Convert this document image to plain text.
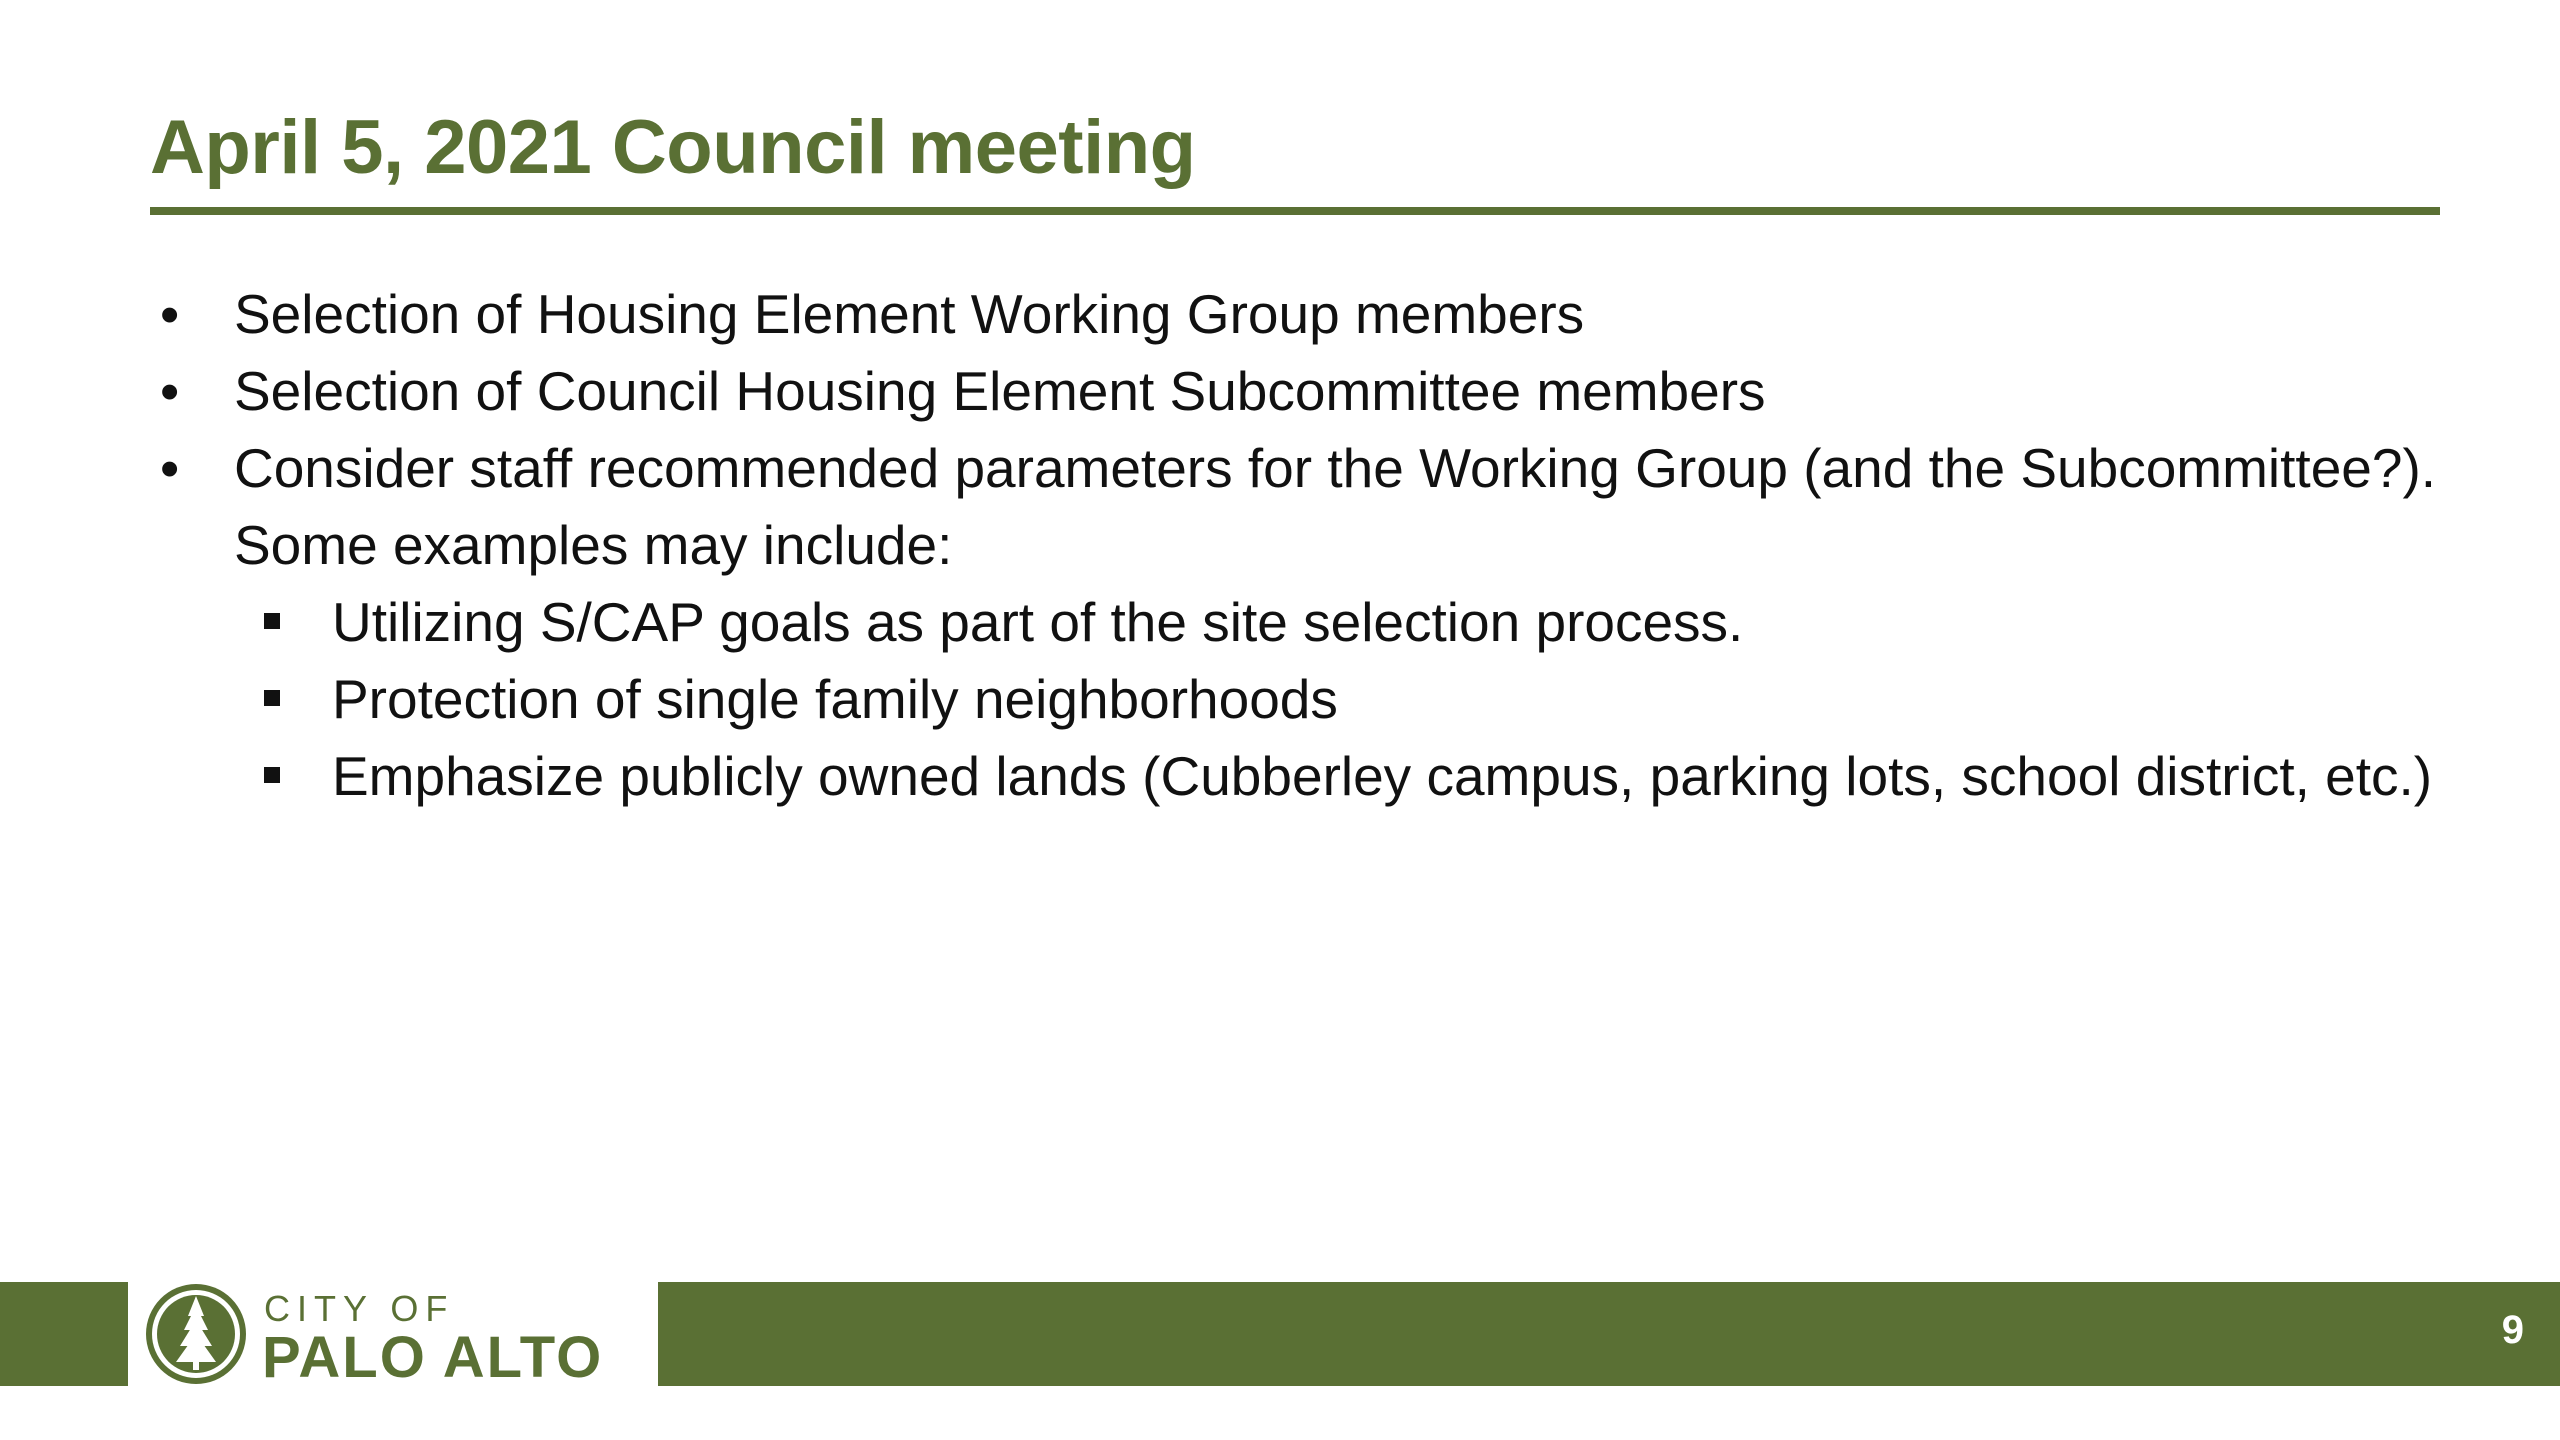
April 5, 2021 Council meeting
• Selection of Housing Element Working Group members
• Selection of Council Housing Element Subcommittee members
• Consider staff recommended parameters for the Working Group (and the Subcommittee?). Some examples may include:
Utilizing S/CAP goals as part of the site selection process.
Protection of single family neighborhoods
Emphasize publicly owned lands (Cubberley campus, parking lots, school district, etc.)
9
CITY OF
PALO ALTO
